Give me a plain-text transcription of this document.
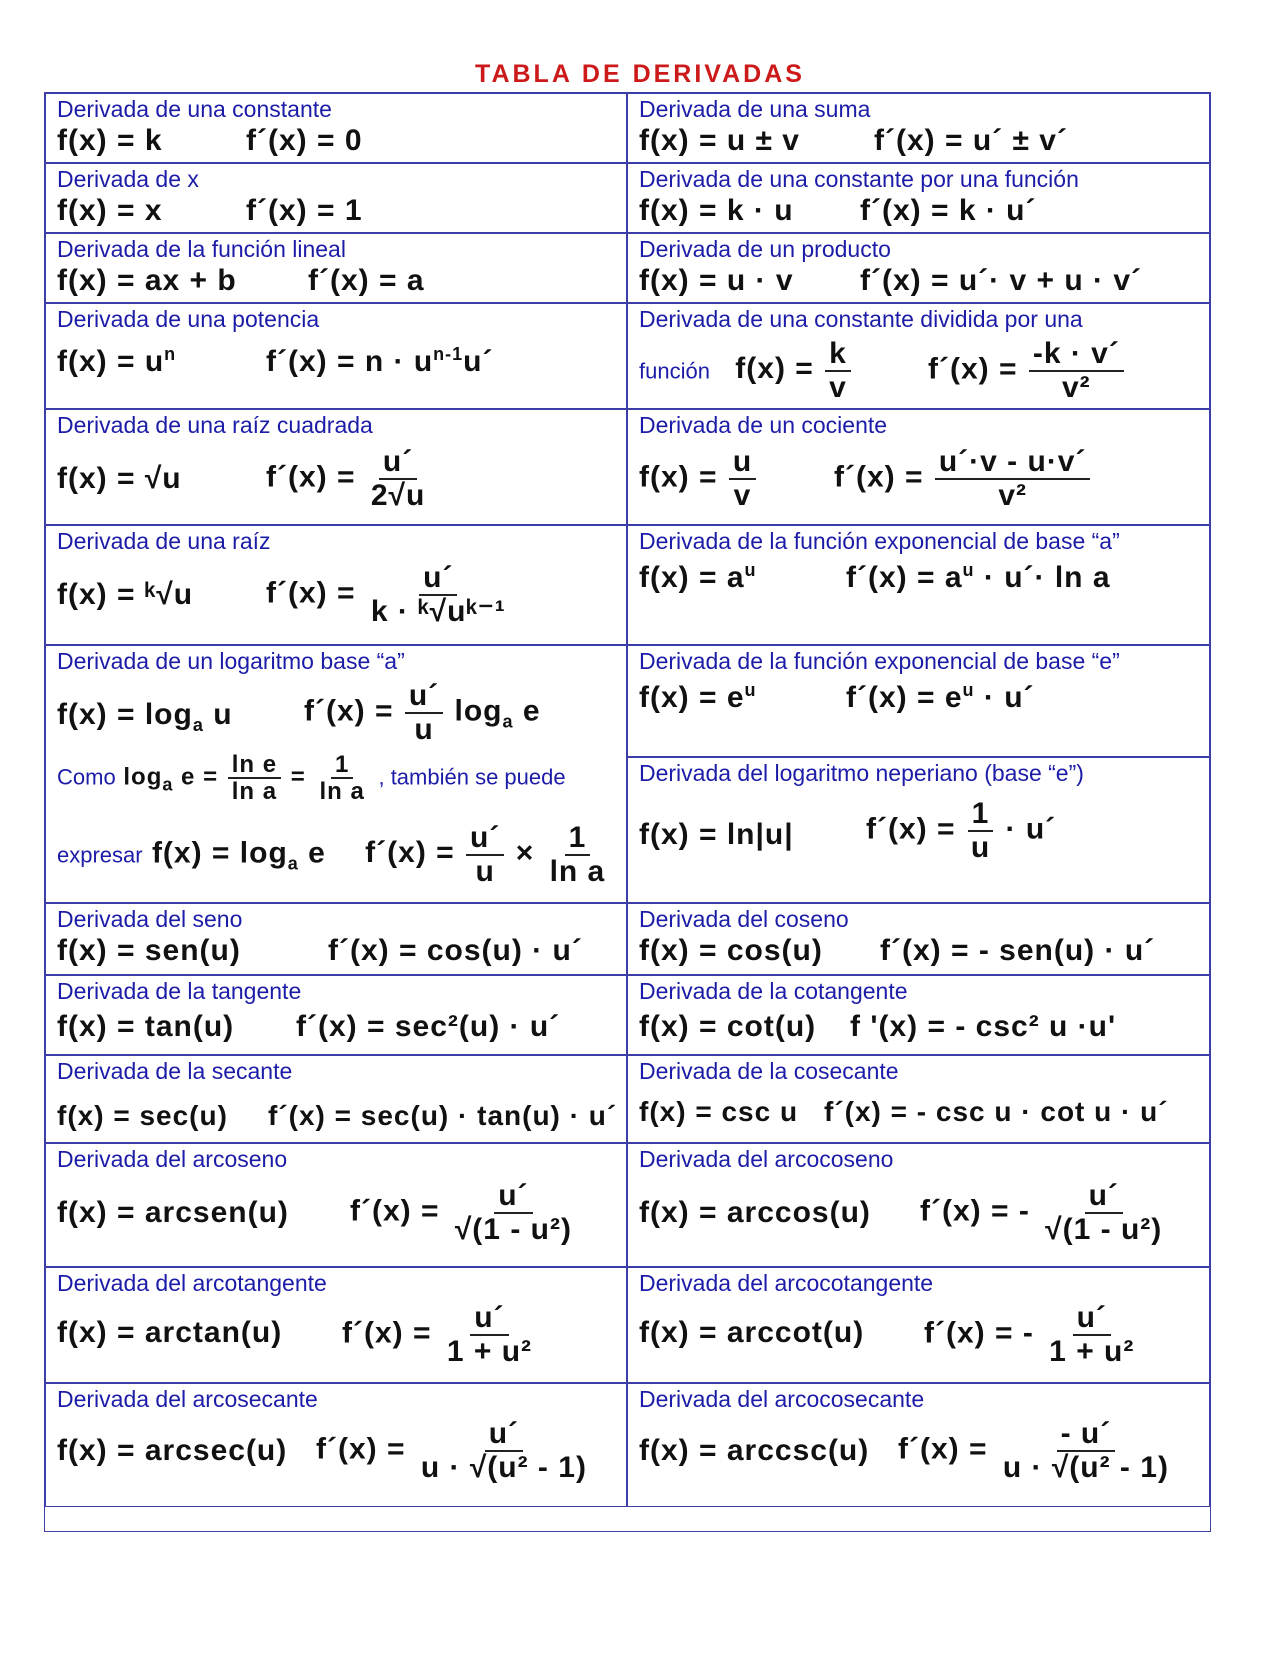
TABLA DE DERIVADAS
Derivada de una constante
f(x) = k	f´(x) = 0
Derivada de una suma
f(x) = u ± v f´(x) = u´ ± v´
Derivada de x
f(x) = x	f´(x) = 1
Derivada de una constante por una función
f(x) = k · u f´(x) = k · u´
Derivada de la función lineal
f(x) = ax + b f´(x) = a
Derivada de un producto
f(x) = u · v f´(x) = u´· v + u · v´
Derivada de una potencia
$f(x) = u^n$	f´(x) = $n \cdot u^{n-1}u´$
Derivada de una constante dividida por una
función $f(x) = \frac{k}{v}$	f´(x) = $\frac{-k \cdot v´}{\text{v²}}$
Derivada de una raíz cuadrada
f(x) = √u	f´(x) = $\frac{u´}{2√u}$
Derivada de un cociente
$f(x) = \frac{u}{v}$	f´(x) = $\frac{u´\cdot v - u\cdot v´}{\text{v²}}$
Derivada de una raíz
f(x) = ᵏ√u f´(x) = $\frac{u´}{\text{k · ᵏ√uᵏ⁻¹}}$
Derivada de la función exponencial de base “a”
$f(x) = a^u$	f´(x) = $a^u$ · u´· ln a
Derivada de un logaritmo base “a”
$f(x) = \log_a u$ f´(x) = $\frac{u´}{u} \log_a e$
Como $\log_a e = \frac{\text{ln e}}{\text{ln a}} = \frac{1}{\text{ln a}}$ , también se puede
expresar $f(x) = \log_a e$ f´(x) = $\frac{u´}{u} \times \frac{1}{\text{ln a}}$
Derivada de la función exponencial de base “e”
$f(x) = e^u$	f´(x) = $e^u$ · u´
Derivada del logaritmo neperiano (base “e”)
f(x) = ln|u| f´(x) = $\frac{1}{u}$ · u´
Derivada del seno
f(x) = sen(u)	f´(x) = cos(u) · u´
Derivada del coseno
f(x) = cos(u) f´(x) = - sen(u) · u´
Derivada de la tangente
f(x) = tan(u) f´(x) = sec²(u) · u´
Derivada de la cotangente
f(x) = cot(u) f '(x) = - csc² u ·u'
Derivada de la secante
f(x) = sec(u) f´(x) = sec(u) · tan(u) · u´
Derivada de la cosecante
f(x) = csc u f´(x) = - csc u · cot u · u´
Derivada del arcoseno
f(x) = arcsen(u) f´(x) = $\frac{u´}{\text{√(1 - u²)}}$
Derivada del arcocoseno
f(x) = arccos(u) f´(x) = - $\frac{u´}{\text{√(1 - u²)}}$
Derivada del arcotangente
f(x) = arctan(u) f´(x) = $\frac{u´}{\text{1 + u²}}$
Derivada del arcocotangente
f(x) = arccot(u) f´(x) = - $\frac{u´}{\text{1 + u²}}$
Derivada del arcosecante
f(x) = arcsec(u) f´(x) = $\frac{u´}{\text{u · √(u² - 1)}}$
Derivada del arcocosecante
f(x) = arccsc(u) f´(x) = $\frac{- u´}{\text{u · √(u² - 1)}}$
